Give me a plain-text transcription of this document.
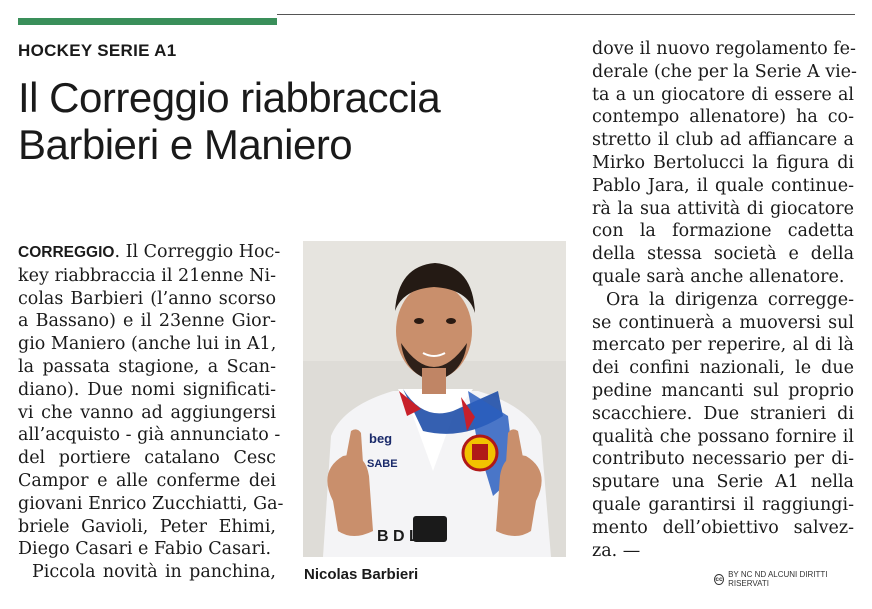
HOCKEY SERIE A1

Il Correggio riabbraccia
Barbieri e Maniero
CORREGGIO. Il Correggio Hoc-
key riabbraccia il 21enne Ni-
colas Barbieri (l’anno scorso
a Bassano) e il 23enne Gior-
gio Maniero (anche lui in A1,
la passata stagione, a Scan-
diano). Due nomi significati-
vi che vanno ad aggiungersi
all’acquisto - già annunciato -
del portiere catalano Cesc
Campor e alle conferme dei
giovani Enrico Zucchiatti, Ga-
briele Gavioli, Peter Ehimi,
Diego Casari e Fabio Casari.
Piccola novità in panchina,
beg
SABE
B D L

Nicolas Barbieri

dove il nuovo regolamento fe-
derale (che per la Serie A vie-
ta a un giocatore di essere al
contempo allenatore) ha co-
stretto il club ad affiancare a
Mirko Bertolucci la figura di
Pablo Jara, il quale continue-
rà la sua attività di giocatore
con la formazione cadetta
della stessa società e della
quale sarà anche allenatore.
Ora la dirigenza corregge-
se continuerà a muoversi sul
mercato per reperire, al di là
dei confini nazionali, le due
pedine mancanti sul proprio
scacchiere. Due stranieri di
qualità che possano fornire il
contributo necessario per di-
sputare una Serie A1 nella
quale garantirsi il raggiungi-
mento dell’obiettivo salvez-
za. —
cc BY NC ND ALCUNI DIRITTI RISERVATI
